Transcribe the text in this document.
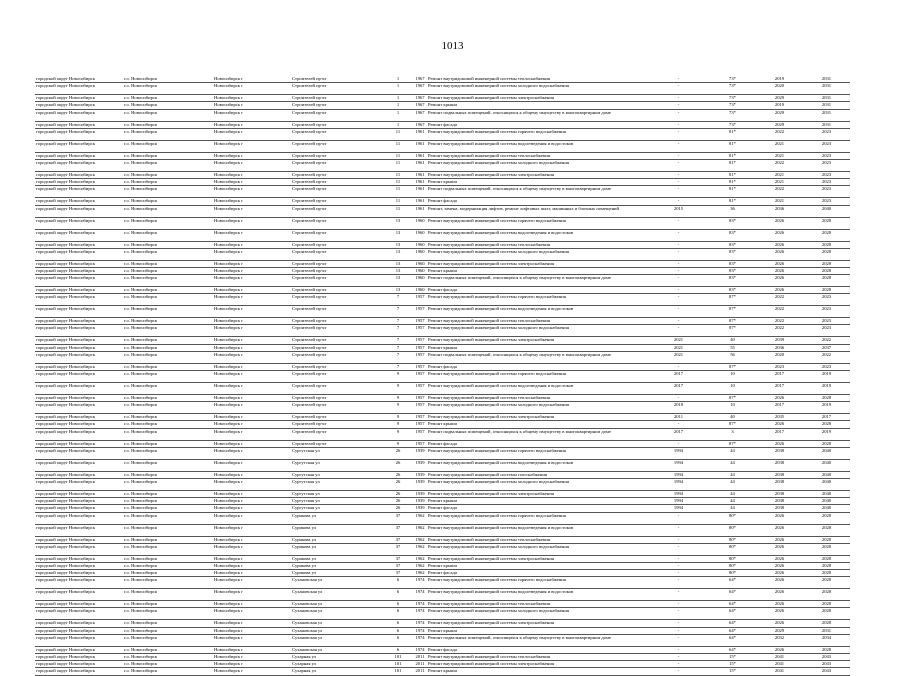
1013
городской округ Новосибирск	г.о. Новосибирск	Новосибирск г	Строителей пр-кт	1	1967	Ремонт внутридомовой инженерной системы теплоснабжения	-	73*	2019	2031
городской округ Новосибирск	г.о. Новосибирск	Новосибирск г	Строителей пр-кт	1	1967	Ремонт внутридомовой инженерной системы холодного водоснабжения	-	73*	2020	2031
городской округ Новосибирск	г.о. Новосибирск	Новосибирск г	Строителей пр-кт	1	1967	Ремонт внутридомовой инженерной системы электроснабжения	-	73*	2029	2031
городской округ Новосибирск	г.о. Новосибирск	Новосибирск г	Строителей пр-кт	1	1967	Ремонт крыши	-	73*	2019	2031
городской округ Новосибирск	г.о. Новосибирск	Новосибирск г	Строителей пр-кт	1	1967	Ремонт подвальных помещений, относящихся к общему имуществу в многоквартирном доме	-	73*	2029	2031
городской округ Новосибирск	г.о. Новосибирск	Новосибирск г	Строителей пр-кт	1	1967	Ремонт фасада	-	73*	2029	2031
городской округ Новосибирск	г.о. Новосибирск	Новосибирск г	Строителей пр-кт	11	1961	Ремонт внутридомовой инженерной системы горячего водоснабжения	-	81*	2022	2023
городской округ Новосибирск	г.о. Новосибирск	Новосибирск г	Строителей пр-кт	11	1961	Ремонт внутридомовой инженерной системы водоотведения и водостоков	-	81*	2021	2023
городской округ Новосибирск	г.о. Новосибирск	Новосибирск г	Строителей пр-кт	11	1961	Ремонт внутридомовой инженерной системы теплоснабжения	-	81*	2021	2023
городской округ Новосибирск	г.о. Новосибирск	Новосибирск г	Строителей пр-кт	11	1961	Ремонт внутридомовой инженерной системы холодного водоснабжения	-	81*	2022	2023
городской округ Новосибирск	г.о. Новосибирск	Новосибирск г	Строителей пр-кт	11	1961	Ремонт внутридомовой инженерной системы электроснабжения	-	81*	2021	2023
городской округ Новосибирск	г.о. Новосибирск	Новосибирск г	Строителей пр-кт	11	1961	Ремонт крыши	-	81*	2021	2023
городской округ Новосибирск	г.о. Новосибирск	Новосибирск г	Строителей пр-кт	11	1961	Ремонт подвальных помещений, относящихся к общему имуществу в многоквартирном доме	-	81*	2022	2023
городской округ Новосибирск	г.о. Новосибирск	Новосибирск г	Строителей пр-кт	11	1961	Ремонт фасада	-	81*	2021	2023
городской округ Новосибирск	г.о. Новосибирск	Новосибирск г	Строителей пр-кт	11	1961	Ремонт, замена, модернизация лифтов, ремонт лифтовых шахт, машинных и блочных помещений	2015	36	2036	2040
городской округ Новосибирск	г.о. Новосибирск	Новосибирск г	Строителей пр-кт	13	1960	Ремонт внутридомовой инженерной системы горячего водоснабжения	-	83*	2026	2028
городской округ Новосибирск	г.о. Новосибирск	Новосибирск г	Строителей пр-кт	13	1960	Ремонт внутридомовой инженерной системы водоотведения и водостоков	-	83*	2026	2028
городской округ Новосибирск	г.о. Новосибирск	Новосибирск г	Строителей пр-кт	13	1960	Ремонт внутридомовой инженерной системы теплоснабжения	-	83*	2026	2028
городской округ Новосибирск	г.о. Новосибирск	Новосибирск г	Строителей пр-кт	13	1960	Ремонт внутридомовой инженерной системы холодного водоснабжения	-	83*	2026	2028
городской округ Новосибирск	г.о. Новосибирск	Новосибирск г	Строителей пр-кт	13	1960	Ремонт внутридомовой инженерной системы электроснабжения	-	83*	2026	2028
городской округ Новосибирск	г.о. Новосибирск	Новосибирск г	Строителей пр-кт	13	1960	Ремонт крыши	-	83*	2026	2028
городской округ Новосибирск	г.о. Новосибирск	Новосибирск г	Строителей пр-кт	13	1960	Ремонт подвальных помещений, относящихся к общему имуществу в многоквартирном доме	-	83*	2026	2028
городской округ Новосибирск	г.о. Новосибирск	Новосибирск г	Строителей пр-кт	13	1960	Ремонт фасада	-	83*	2026	2028
городской округ Новосибирск	г.о. Новосибирск	Новосибирск г	Строителей пр-кт	7	1957	Ремонт внутридомовой инженерной системы горячего водоснабжения	-	87*	2022	2023
городской округ Новосибирск	г.о. Новосибирск	Новосибирск г	Строителей пр-кт	7	1957	Ремонт внутридомовой инженерной системы водоотведения и водостоков	-	87*	2022	2023
городской округ Новосибирск	г.о. Новосибирск	Новосибирск г	Строителей пр-кт	7	1957	Ремонт внутридомовой инженерной системы теплоснабжения	-	87*	2022	2023
городской округ Новосибирск	г.о. Новосибирск	Новосибирск г	Строителей пр-кт	7	1957	Ремонт внутридомовой инженерной системы холодного водоснабжения	-	87*	2022	2023
городской округ Новосибирск	г.о. Новосибирск	Новосибирск г	Строителей пр-кт	7	1957	Ремонт внутридомовой инженерной системы электроснабжения	2021	40	2039	2022
городской округ Новосибирск	г.о. Новосибирск	Новосибирск г	Строителей пр-кт	7	1957	Ремонт крыши	2021	55	2036	2037
городской округ Новосибирск	г.о. Новосибирск	Новосибирск г	Строителей пр-кт	7	1957	Ремонт подвальных помещений, относящихся к общему имуществу в многоквартирном доме	2021	56	2020	2022
городской округ Новосибирск	г.о. Новосибирск	Новосибирск г	Строителей пр-кт	7	1957	Ремонт фасада	-	87*	2023	2023
городской округ Новосибирск	г.о. Новосибирск	Новосибирск г	Строителей пр-кт	9	1957	Ремонт внутридомовой инженерной системы горячего водоснабжения	2017	10	2017	2019
городской округ Новосибирск	г.о. Новосибирск	Новосибирск г	Строителей пр-кт	9	1957	Ремонт внутридомовой инженерной системы водоотведения и водостоков	2017	10	2017	2019
городской округ Новосибирск	г.о. Новосибирск	Новосибирск г	Строителей пр-кт	9	1957	Ремонт внутридомовой инженерной системы теплоснабжения	-	87*	2026	2028
городской округ Новосибирск	г.о. Новосибирск	Новосибирск г	Строителей пр-кт	9	1957	Ремонт внутридомовой инженерной системы холодного водоснабжения	2018	10	2017	2019
городской округ Новосибирск	г.о. Новосибирск	Новосибирск г	Строителей пр-кт	9	1957	Ремонт внутридомовой инженерной системы электроснабжения	2011	40	2035	2017
городской округ Новосибирск	г.о. Новосибирск	Новосибирск г	Строителей пр-кт	9	1957	Ремонт крыши	-	87*	2026	2028
городской округ Новосибирск	г.о. Новосибирск	Новосибирск г	Строителей пр-кт	9	1957	Ремонт подвальных помещений, относящихся к общему имуществу в многоквартирном доме	2017	3	2017	2019
городской округ Новосибирск	г.о. Новосибирск	Новосибирск г	Строителей пр-кт	9	1957	Ремонт фасада	-	87*	2026	2028
городской округ Новосибирск	г.о. Новосибирск	Новосибирск г	Сургутская ул	26	1939	Ремонт внутридомовой инженерной системы горячего водоснабжения	1994	44	2038	2040
городской округ Новосибирск	г.о. Новосибирск	Новосибирск г	Сургутская ул	26	1939	Ремонт внутридомовой инженерной системы водоотведения и водостоков	1994	44	2038	2040
городской округ Новосибирск	г.о. Новосибирск	Новосибирск г	Сургутская ул	26	1939	Ремонт внутридомовой инженерной системы газоснабжения	1994	44	2038	2040
городской округ Новосибирск	г.о. Новосибирск	Новосибирск г	Сургутская ул	26	1939	Ремонт внутридомовой инженерной системы холодного водоснабжения	1994	44	2038	2040
городской округ Новосибирск	г.о. Новосибирск	Новосибирск г	Сургутская ул	26	1939	Ремонт внутридомовой инженерной системы электроснабжения	1994	44	2038	2040
городской округ Новосибирск	г.о. Новосибирск	Новосибирск г	Сургутская ул	26	1939	Ремонт крыши	1994	44	2038	2040
городской округ Новосибирск	г.о. Новосибирск	Новосибирск г	Сургутская ул	26	1939	Ремонт фасада	1994	44	2038	2040
городской округ Новосибирск	г.о. Новосибирск	Новосибирск г	Сурикова ул	37	1962	Ремонт внутридомовой инженерной системы горячего водоснабжения	-	80*	2026	2028
городской округ Новосибирск	г.о. Новосибирск	Новосибирск г	Сурикова ул	37	1962	Ремонт внутридомовой инженерной системы водоотведения и водостоков	-	80*	2026	2028
городской округ Новосибирск	г.о. Новосибирск	Новосибирск г	Сурикова ул	37	1962	Ремонт внутридомовой инженерной системы теплоснабжения	-	80*	2026	2028
городской округ Новосибирск	г.о. Новосибирск	Новосибирск г	Сурикова ул	37	1962	Ремонт внутридомовой инженерной системы холодного водоснабжения	-	80*	2026	2028
городской округ Новосибирск	г.о. Новосибирск	Новосибирск г	Сурикова ул	37	1962	Ремонт внутридомовой инженерной системы электроснабжения	-	80*	2026	2028
городской округ Новосибирск	г.о. Новосибирск	Новосибирск г	Сурикова ул	37	1962	Ремонт крыши	-	80*	2026	2028
городской округ Новосибирск	г.о. Новосибирск	Новосибирск г	Сурикова ул	37	1962	Ремонт фасада	-	80*	2026	2028
городской округ Новосибирск	г.о. Новосибирск	Новосибирск г	Сухановская ул	6	1974	Ремонт внутридомовой инженерной системы горячего водоснабжения	-	64*	2026	2028
городской округ Новосибирск	г.о. Новосибирск	Новосибирск г	Сухановская ул	6	1974	Ремонт внутридомовой инженерной системы водоотведения и водостоков	-	64*	2026	2028
городской округ Новосибирск	г.о. Новосибирск	Новосибирск г	Сухановская ул	6	1974	Ремонт внутридомовой инженерной системы теплоснабжения	-	64*	2026	2028
городской округ Новосибирск	г.о. Новосибирск	Новосибирск г	Сухановская ул	6	1974	Ремонт внутридомовой инженерной системы холодного водоснабжения	-	64*	2026	2028
городской округ Новосибирск	г.о. Новосибирск	Новосибирск г	Сухановская ул	6	1974	Ремонт внутридомовой инженерной системы электроснабжения	-	64*	2026	2028
городской округ Новосибирск	г.о. Новосибирск	Новосибирск г	Сухановская ул	6	1974	Ремонт крыши	-	64*	2029	2031
городской округ Новосибирск	г.о. Новосибирск	Новосибирск г	Сухановская ул	6	1974	Ремонт подвальных помещений, относящихся к общему имуществу в многоквартирном доме	-	64*	2032	2034
городской округ Новосибирск	г.о. Новосибирск	Новосибирск г	Сухановская ул	6	1974	Ремонт фасада	-	64*	2026	2028
городской округ Новосибирск	г.о. Новосибирск	Новосибирск г	Сухарная ул	101	2011	Ремонт внутридомовой инженерной системы теплоснабжения	-	15*	2041	2043
городской округ Новосибирск	г.о. Новосибирск	Новосибирск г	Сухарная ул	101	2011	Ремонт внутридомовой инженерной системы электроснабжения	-	15*	2041	2043
городской округ Новосибирск	г.о. Новосибирск	Новосибирск г	Сухарная ул	101	2011	Ремонт крыши	-	15*	2041	2043
